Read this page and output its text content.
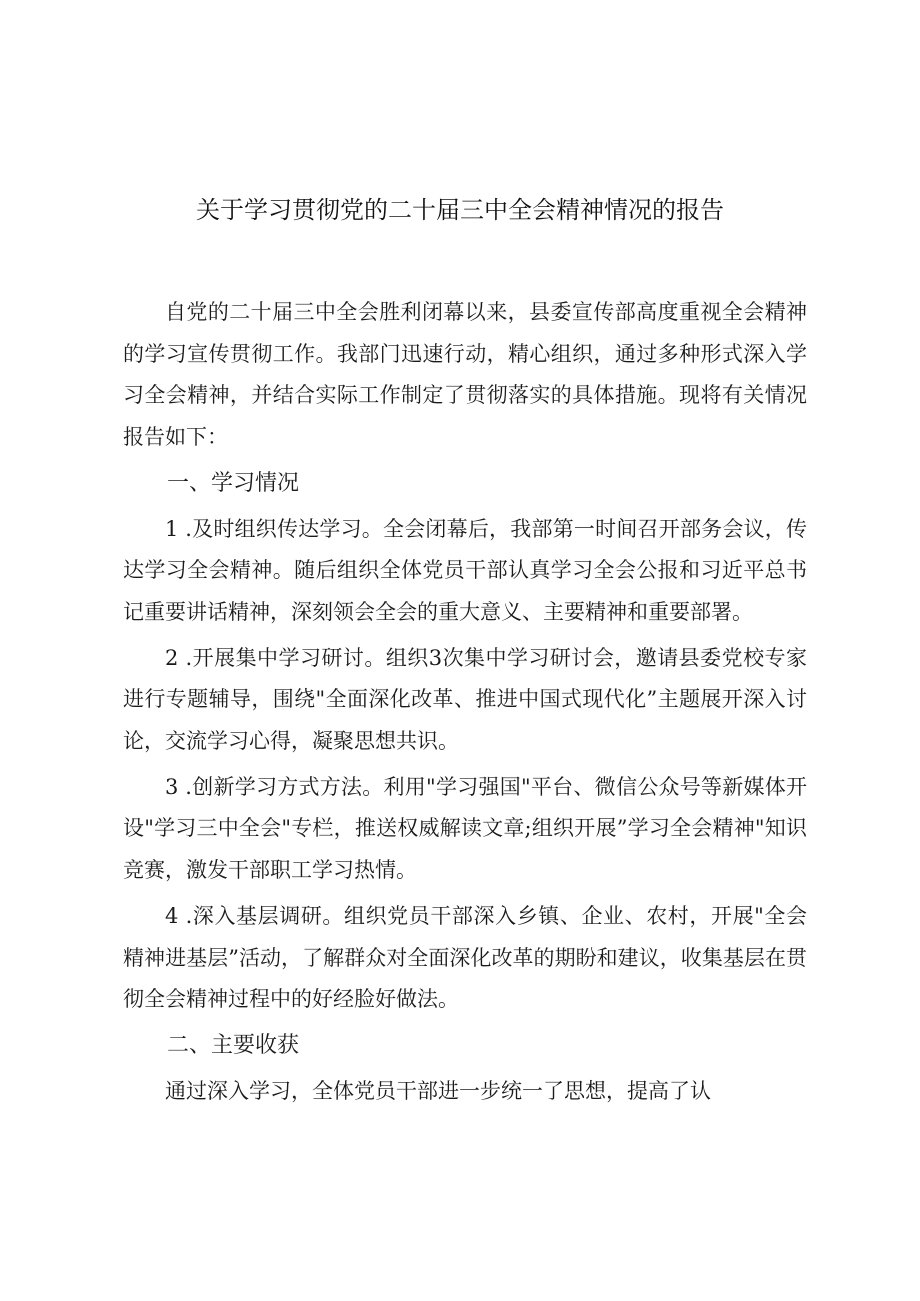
关于学习贯彻党的二十届三中全会精神情况的报告

自党的二十届三中全会胜利闭幕以来，县委宣传部高度重视全会精神的学习宣传贯彻工作。我部门迅速行动，精心组织，通过多种形式深入学习全会精神，并结合实际工作制定了贯彻落实的具体措施。现将有关情况报告如下：

一、学习情况

1 .及时组织传达学习。全会闭幕后，我部第一时间召开部务会议，传达学习全会精神。随后组织全体党员干部认真学习全会公报和习近平总书记重要讲话精神，深刻领会全会的重大意义、主要精神和重要部署。

2 .开展集中学习研讨。组织3次集中学习研讨会，邀请县委党校专家进行专题辅导，围绕"全面深化改革、推进中国式现代化”主题展开深入讨论，交流学习心得，凝聚思想共识。

3 .创新学习方式方法。利用"学习强国"平台、微信公众号等新媒体开设"学习三中全会"专栏，推送权威解读文章;组织开展”学习全会精神"知识竞赛，激发干部职工学习热情。

4 .深入基层调研。组织党员干部深入乡镇、企业、农村，开展"全会精神进基层”活动，了解群众对全面深化改革的期盼和建议，收集基层在贯彻全会精神过程中的好经脸好做法。

二、主要收获

通过深入学习，全体党员干部进一步统一了思想，提高了认
